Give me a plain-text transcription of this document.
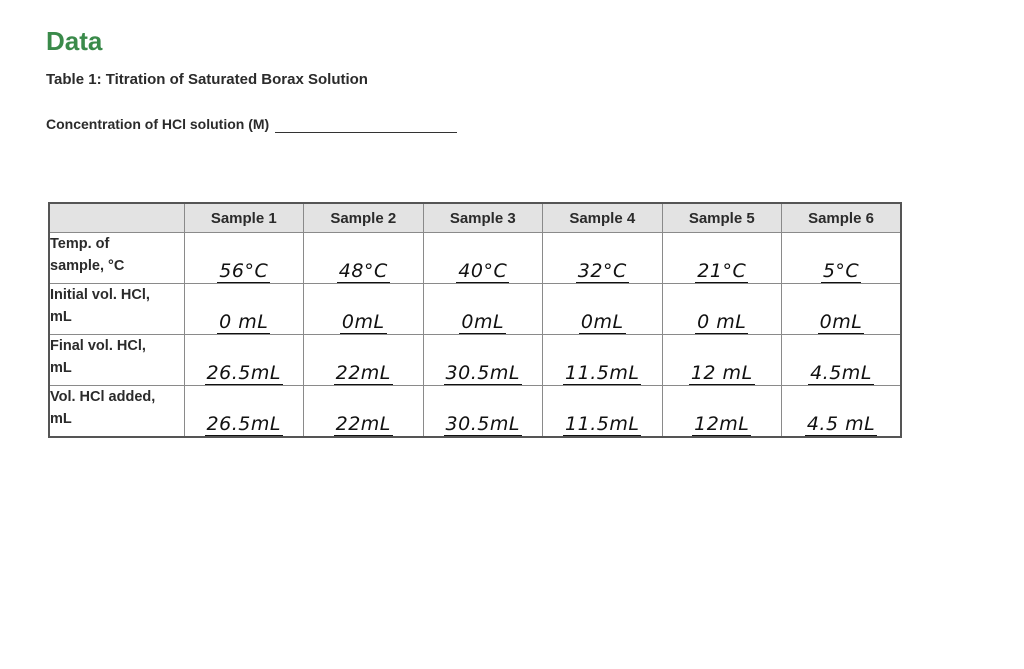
Data
Table 1: Titration of Saturated Borax Solution
Concentration of HCl solution (M)
	Sample 1	Sample 2	Sample 3	Sample 4	Sample 5	Sample 6
Temp. of
sample, °C	56°C	48°C	40°C	32°C	21°C	5°C
Initial vol. HCl,
mL	0 mL	0mL	0mL	0mL	0 mL	0mL
Final vol. HCl,
mL	26.5mL	22mL	30.5mL	11.5mL	12 mL	4.5mL
Vol. HCl added,
mL	26.5mL	22mL	30.5mL	11.5mL	12mL	4.5 mL
